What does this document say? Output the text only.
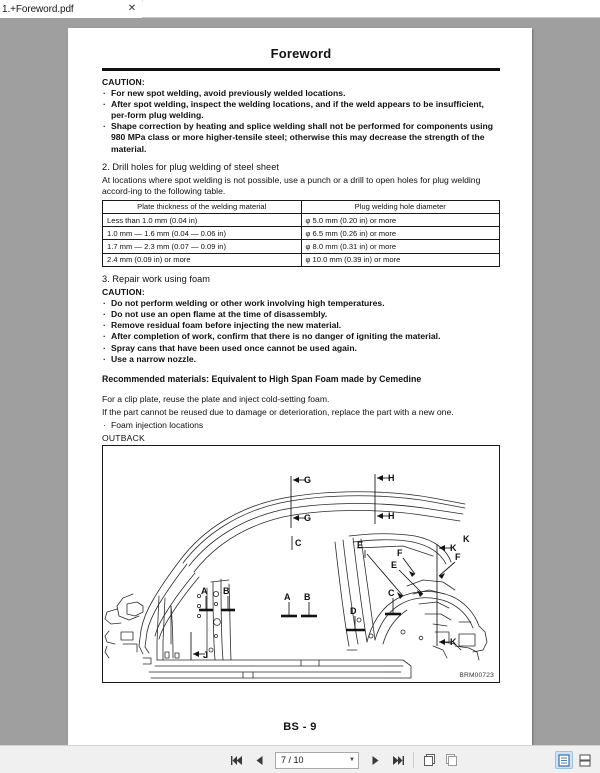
1.+Foreword.pdf	✕
Foreword
CAUTION:
· For new spot welding, avoid previously welded locations.
· After spot welding, inspect the welding locations, and if the weld appears to be insufficient, per-form plug welding.
· Shape correction by heating and splice welding shall not be performed for components using 980 MPa class or more higher-tensile steel; otherwise this may decrease the strength of the material.
2. Drill holes for plug welding of steel sheet
At locations where spot welding is not possible, use a punch or a drill to open holes for plug welding accord-ing to the following table.
Plate thickness of the welding material	Plug welding hole diameter
Less than 1.0 mm (0.04 in)	φ 5.0 mm (0.20 in) or more
1.0 mm — 1.6 mm (0.04 — 0.06 in)	φ 6.5 mm (0.26 in) or more
1.7 mm — 2.3 mm (0.07 — 0.09 in)	φ 8.0 mm (0.31 in) or more
2.4 mm (0.09 in) or more	φ 10.0 mm (0.39 in) or more
3. Repair work using foam
CAUTION:
· Do not perform welding or other work involving high temperatures.
· Do not use an open flame at the time of disassembly.
· Remove residual foam before injecting the new material.
· After completion of work, confirm that there is no danger of igniting the material.
· Spray cans that have been used once cannot be used again.
· Use a narrow nozzle.
Recommended materials: Equivalent to High Span Foam made by Cemedine
For a clip plate, reuse the plate and inject cold-setting foam.
If the part cannot be reused due to damage or deterioration, replace the part with a new one.
· Foam injection locations
OUTBACK
G
G
H
H
C
A B
A B	C
D
J
E
E
F	F
K
K
K
BRM00723
BS - 9
7 / 10	▼
